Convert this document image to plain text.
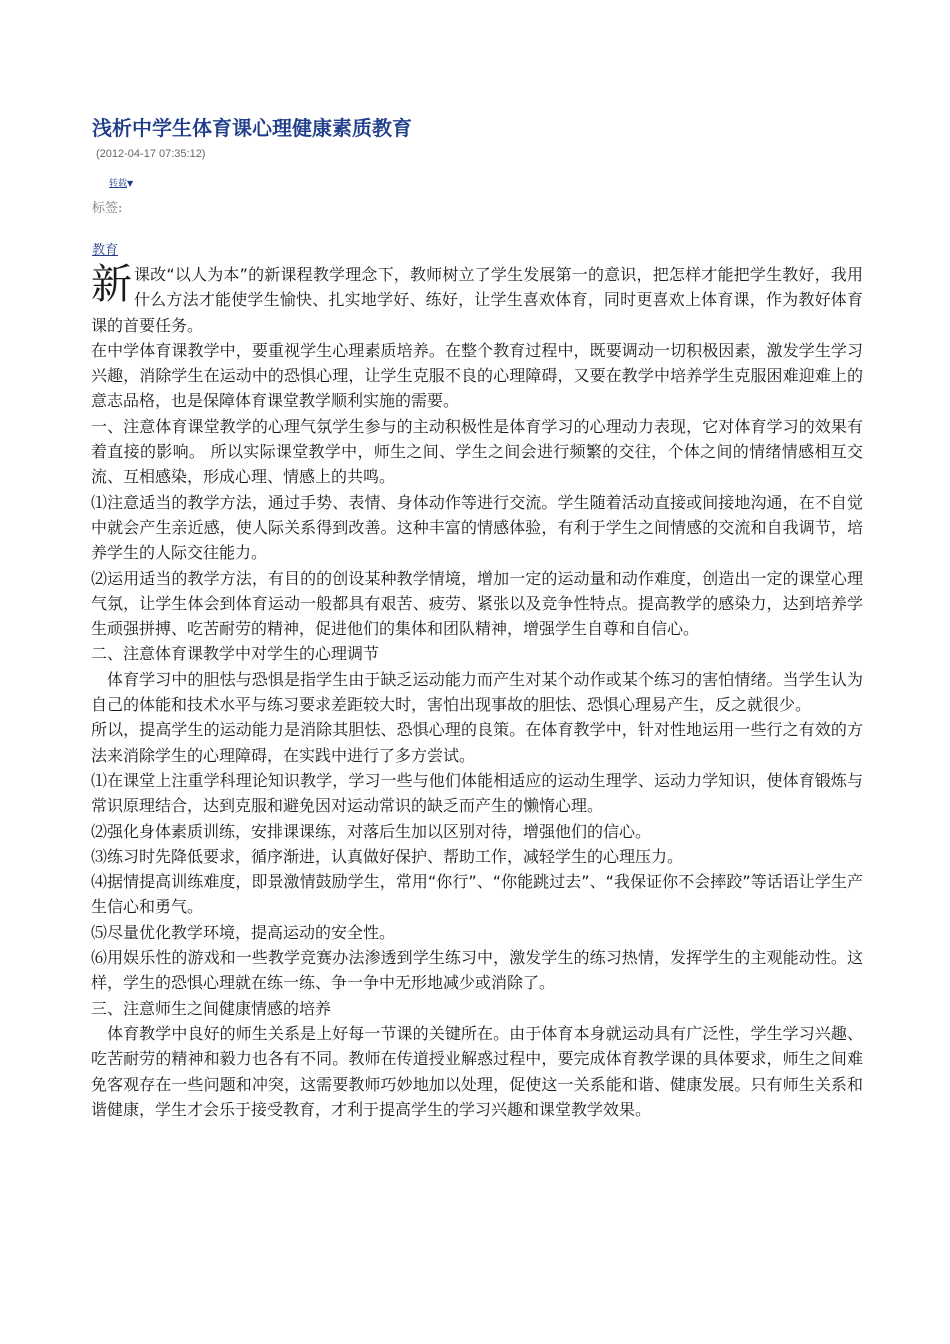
浅析中学生体育课心理健康素质教育
(2012-04-17 07:35:12)
转载▼
标签:
教育

新课改“以人为本”的新课程教学理念下，教师树立了学生发展第一的意识，把怎样才能把学生教好，我用什么方法才能使学生愉快、扎实地学好、练好，让学生喜欢体育，同时更喜欢上体育课，作为教好体育课的首要任务。

在中学体育课教学中，要重视学生心理素质培养。在整个教育过程中，既要调动一切积极因素，激发学生学习兴趣，消除学生在运动中的恐惧心理，让学生克服不良的心理障碍，又要在教学中培养学生克服困难迎难上的意志品格，也是保障体育课堂教学顺利实施的需要。

一、注意体育课堂教学的心理气氛学生参与的主动积极性是体育学习的心理动力表现，它对体育学习的效果有着直接的影响。 所以实际课堂教学中，师生之间、学生之间会进行频繁的交往，个体之间的情绪情感相互交流、互相感染，形成心理、情感上的共鸣。

⑴注意适当的教学方法，通过手势、表情、身体动作等进行交流。学生随着活动直接或间接地沟通，在不自觉中就会产生亲近感，使人际关系得到改善。这种丰富的情感体验，有利于学生之间情感的交流和自我调节，培养学生的人际交往能力。

⑵运用适当的教学方法，有目的的创设某种教学情境，增加一定的运动量和动作难度，创造出一定的课堂心理气氛，让学生体会到体育运动一般都具有艰苦、疲劳、紧张以及竞争性特点。提高教学的感染力，达到培养学生顽强拼搏、吃苦耐劳的精神，促进他们的集体和团队精神，增强学生自尊和自信心。

二、注意体育课教学中对学生的心理调节

体育学习中的胆怯与恐惧是指学生由于缺乏运动能力而产生对某个动作或某个练习的害怕情绪。当学生认为自己的体能和技术水平与练习要求差距较大时，害怕出现事故的胆怯、恐惧心理易产生，反之就很少。

所以，提高学生的运动能力是消除其胆怯、恐惧心理的良策。在体育教学中，针对性地运用一些行之有效的方法来消除学生的心理障碍，在实践中进行了多方尝试。

⑴在课堂上注重学科理论知识教学，学习一些与他们体能相适应的运动生理学、运动力学知识，使体育锻炼与常识原理结合，达到克服和避免因对运动常识的缺乏而产生的懒惰心理。

⑵强化身体素质训练，安排课课练，对落后生加以区别对待，增强他们的信心。

⑶练习时先降低要求，循序渐进，认真做好保护、帮助工作，减轻学生的心理压力。

⑷据情提高训练难度，即景激情鼓励学生，常用“你行”、“你能跳过去”、“我保证你不会摔跤”等话语让学生产生信心和勇气。

⑸尽量优化教学环境，提高运动的安全性。

⑹用娱乐性的游戏和一些教学竞赛办法渗透到学生练习中，激发学生的练习热情，发挥学生的主观能动性。这样，学生的恐惧心理就在练一练、争一争中无形地减少或消除了。

三、注意师生之间健康情感的培养

体育教学中良好的师生关系是上好每一节课的关键所在。由于体育本身就运动具有广泛性，学生学习兴趣、吃苦耐劳的精神和毅力也各有不同。教师在传道授业解惑过程中，要完成体育教学课的具体要求，师生之间难免客观存在一些问题和冲突，这需要教师巧妙地加以处理，促使这一关系能和谐、健康发展。只有师生关系和谐健康，学生才会乐于接受教育，才利于提高学生的学习兴趣和课堂教学效果。
